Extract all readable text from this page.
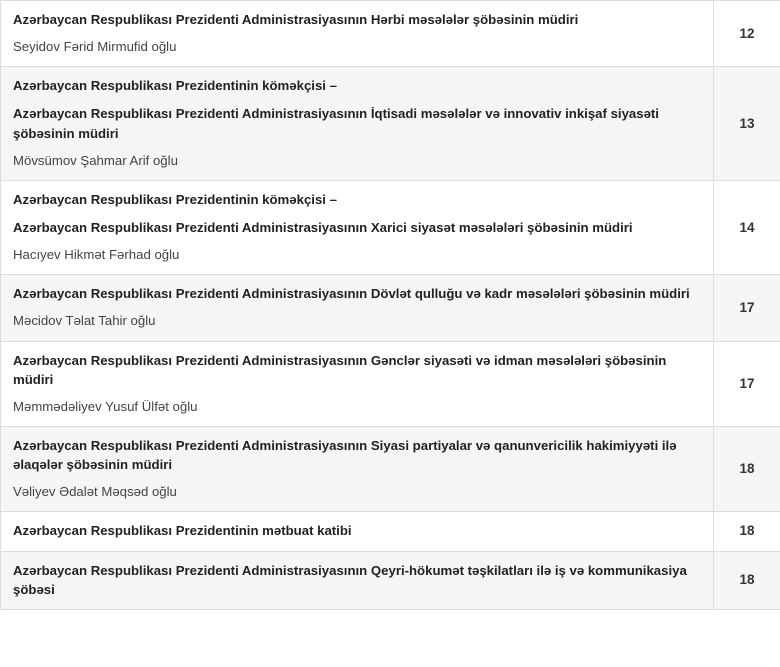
Azərbaycan Respublikası Prezidenti Administrasiyasının Hərbi məsələlər şöbəsinin müdiri
Seyidov Fərid Mirmufid oğlu	12

Azərbaycan Respublikası Prezidentinin köməkçisi –
Azərbaycan Respublikası Prezidenti Administrasiyasının İqtisadi məsələlər və innovativ inkişaf siyasəti şöbəsinin müdiri
Mövsümov Şahmar Arif oğlu	13

Azərbaycan Respublikası Prezidentinin köməkçisi –
Azərbaycan Respublikası Prezidenti Administrasiyasının Xarici siyasət məsələləri şöbəsinin müdiri
Hacıyev Hikmət Fərhad oğlu	14

Azərbaycan Respublikası Prezidenti Administrasiyasının Dövlət qulluğu və kadr məsələləri şöbəsinin müdiri
Məcidov Təlat Tahir oğlu	17

Azərbaycan Respublikası Prezidenti Administrasiyasının Gənclər siyasəti və idman məsələləri şöbəsinin müdiri
Məmmədəliyev Yusuf Ülfət oğlu	17

Azərbaycan Respublikası Prezidenti Administrasiyasının Siyasi partiyalar və qanunvericilik hakimiyyəti ilə əlaqələr şöbəsinin müdiri
Vəliyev Ədalət Məqsəd oğlu	18

Azərbaycan Respublikası Prezidentinin mətbuat katibi	18

Azərbaycan Respublikası Prezidenti Administrasiyasının Qeyri-hökumət təşkilatları ilə iş və kommunikasiya şöbəsi	18
